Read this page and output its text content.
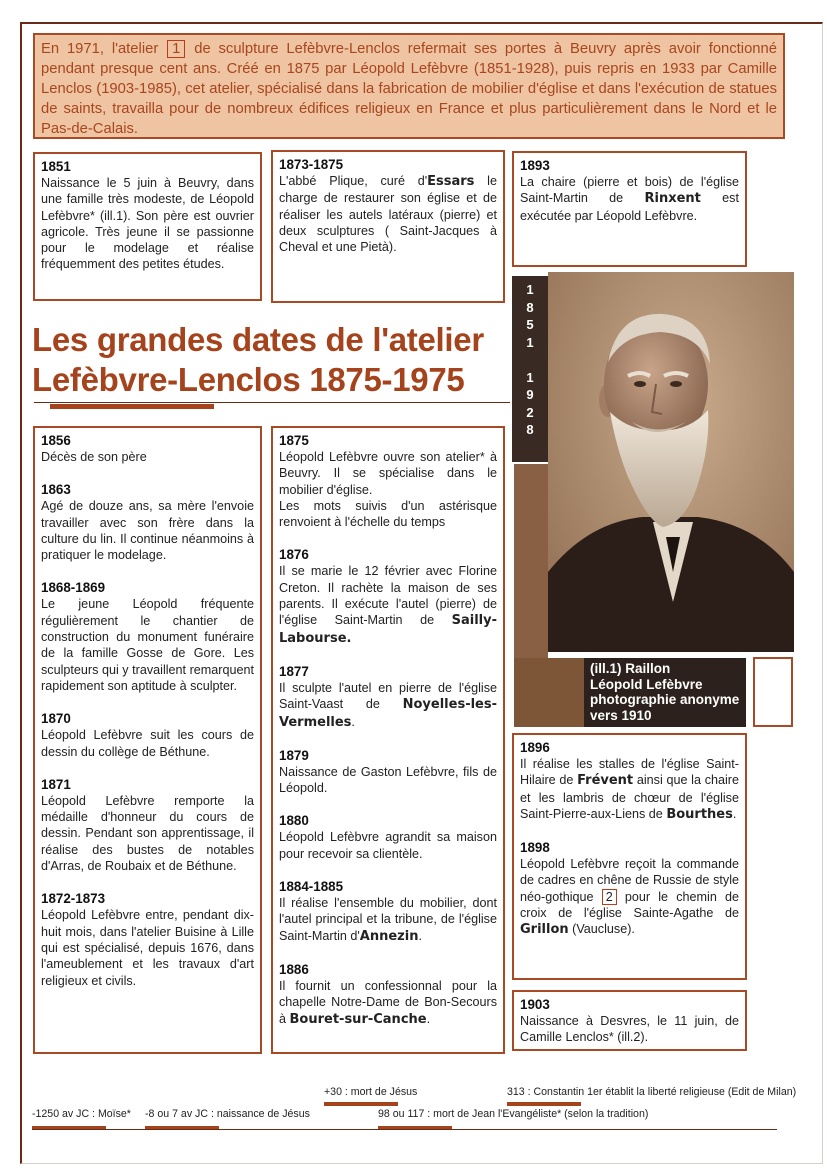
En 1971, l'atelier 1 de sculpture Lefèbvre-Lenclos refermait ses portes à Beuvry après avoir fonctionné pendant presque cent ans. Créé en 1875 par Léopold Lefèbvre (1851-1928), puis repris en 1933 par Camille Lenclos (1903-1985), cet atelier, spécialisé dans la fabrication de mobilier d'église et dans l'exécution de statues de saints, travailla pour de nombreux édifices religieux en France et plus particulièrement dans le Nord et le Pas-de-Calais.
1851
Naissance le 5 juin à Beuvry, dans une famille très modeste, de Léopold Lefèbvre* (ill.1). Son père est ouvrier agricole. Très jeune il se passionne pour le modelage et réalise fréquemment des petites études.
1873-1875
L'abbé Plique, curé d'Essars le charge de restaurer son église et de réaliser les autels latéraux (pierre) et deux sculptures ( Saint-Jacques à Cheval et une Pietà).
1893
La chaire (pierre et bois) de l'église Saint-Martin de Rinxent est exécutée par Léopold Lefèbvre.
Les grandes dates de l'atelier
Lefèbvre-Lenclos 1875-1975
1856
Décès de son père
1863
Agé de douze ans, sa mère l'envoie travailler avec son frère dans la culture du lin. Il continue néanmoins à pratiquer le modelage.
1868-1869
Le jeune Léopold fréquente régulièrement le chantier de construction du monument funéraire de la famille Gosse de Gore. Les sculpteurs qui y travaillent remarquent rapidement son aptitude à sculpter.
1870
Léopold Lefèbvre suit les cours de dessin du collège de Béthune.
1871
Léopold Lefèbvre remporte la médaille d'honneur du cours de dessin. Pendant son apprentissage, il réalise des bustes de notables d'Arras, de Roubaix et de Béthune.
1872-1873
Léopold Lefèbvre entre, pendant dix-huit mois, dans l'atelier Buisine à Lille qui est spécialisé, depuis 1676, dans l'ameublement et les travaux d'art religieux et civils.
1875
Léopold Lefèbvre ouvre son atelier* à Beuvry. Il se spécialise dans le mobilier d'église.
Les mots suivis d'un astérisque renvoient à l'échelle du temps
1876
Il se marie le 12 février avec Florine Creton. Il rachète la maison de ses parents. Il exécute l'autel (pierre) de l'église Saint-Martin de Sailly-Labourse.
1877
Il sculpte l'autel en pierre de l'église Saint-Vaast de Noyelles-les-Vermelles.
1879
Naissance de Gaston Lefèbvre, fils de Léopold.
1880
Léopold Lefèbvre agrandit sa maison pour recevoir sa clientèle.
1884-1885
Il réalise l'ensemble du mobilier, dont l'autel principal et la tribune, de l'église Saint-Martin d'Annezin.
1886
Il fournit un confessionnal pour la chapelle Notre-Dame de Bon-Secours à Bouret-sur-Canche.
1
8
5
1
1
9
2
8
(ill.1) Raillon
Léopold Lefèbvre
photographie anonyme
vers 1910
1896
Il réalise les stalles de l'église Saint-Hilaire de Frévent ainsi que la chaire et les lambris de chœur de l'église Saint-Pierre-aux-Liens de Bourthes.
1898
Léopold Lefèbvre reçoit la commande de cadres en chêne de Russie de style néo-gothique 2 pour le chemin de croix de l'église Sainte-Agathe de Grillon (Vaucluse).
1903
Naissance à Desvres, le 11 juin, de Camille Lenclos* (ill.2).
+30 : mort de Jésus	313 : Constantin 1er établit la liberté religieuse (Edit de Milan)
-1250 av JC : Moïse* -8 ou 7 av JC : naissance de Jésus	98 ou 117 : mort de Jean l'Evangéliste* (selon la tradition)
